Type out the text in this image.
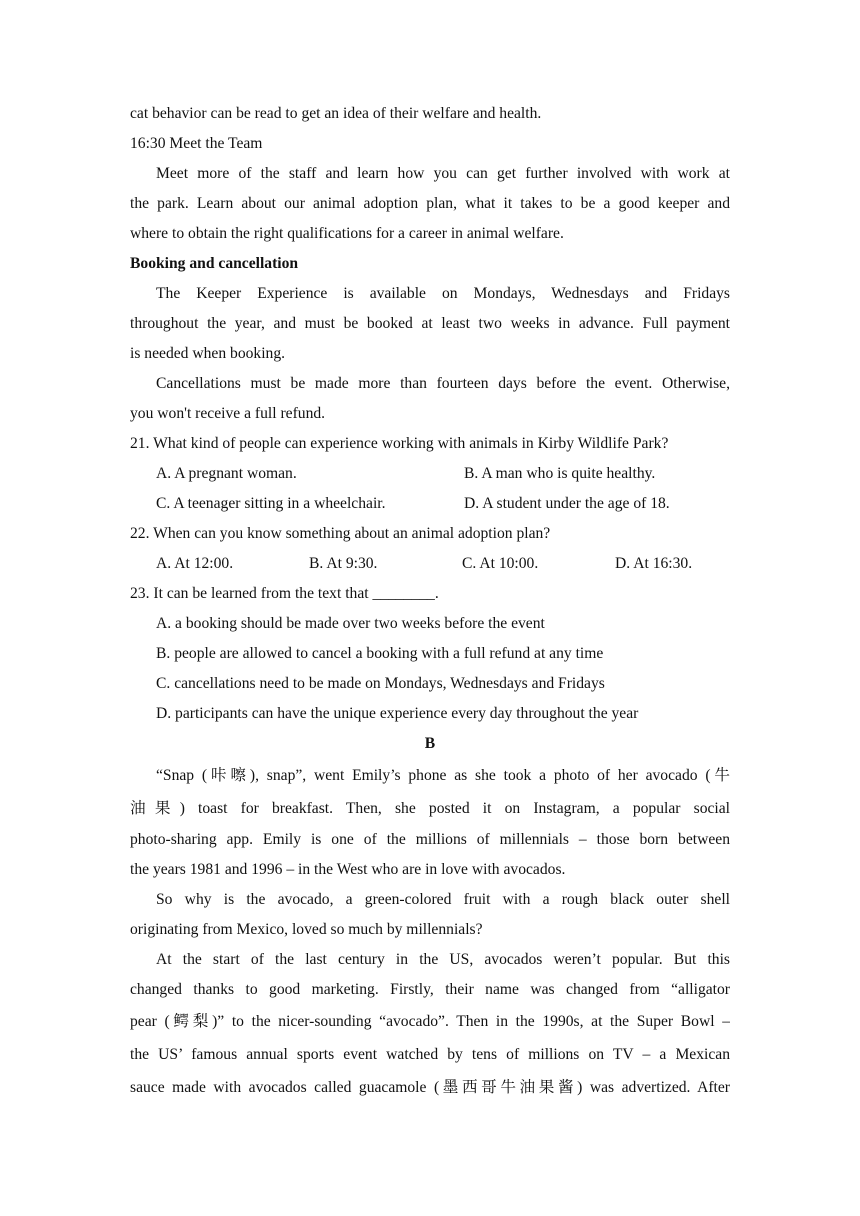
cat behavior can be read to get an idea of their welfare and health.
16:30 Meet the Team
Meet more of the staff and learn how you can get further involved with work at
the park. Learn about our animal adoption plan, what it takes to be a good keeper and
where to obtain the right qualifications for a career in animal welfare.
Booking and cancellation
The Keeper Experience is available on Mondays, Wednesdays and Fridays
throughout the year, and must be booked at least two weeks in advance. Full payment
is needed when booking.
Cancellations must be made more than fourteen days before the event. Otherwise,
you won't receive a full refund.
21. What kind of people can experience working with animals in Kirby Wildlife Park?
A. A pregnant woman.	B. A man who is quite healthy.
C. A teenager sitting in a wheelchair.	D. A student under the age of 18.
22. When can you know something about an animal adoption plan?
A. At 12:00.	B. At 9:30.	C. At 10:00.	D. At 16:30.
23. It can be learned from the text that ________.
A. a booking should be made over two weeks before the event
B. people are allowed to cancel a booking with a full refund at any time
C. cancellations need to be made on Mondays, Wednesdays and Fridays
D. participants can have the unique experience every day throughout the year
B
“Snap (咔嚓), snap”, went Emily’s phone as she took a photo of her avocado (牛
油果) toast for breakfast. Then, she posted it on Instagram, a popular social
photo-sharing app. Emily is one of the millions of millennials – those born between
the years 1981 and 1996 – in the West who are in love with avocados.
So why is the avocado, a green-colored fruit with a rough black outer shell
originating from Mexico, loved so much by millennials?
At the start of the last century in the US, avocados weren’t popular. But this
changed thanks to good marketing. Firstly, their name was changed from “alligator
pear (鳄梨)” to the nicer-sounding “avocado”. Then in the 1990s, at the Super Bowl –
the US’ famous annual sports event watched by tens of millions on TV – a Mexican
sauce made with avocados called guacamole (墨西哥牛油果酱) was advertized. After
